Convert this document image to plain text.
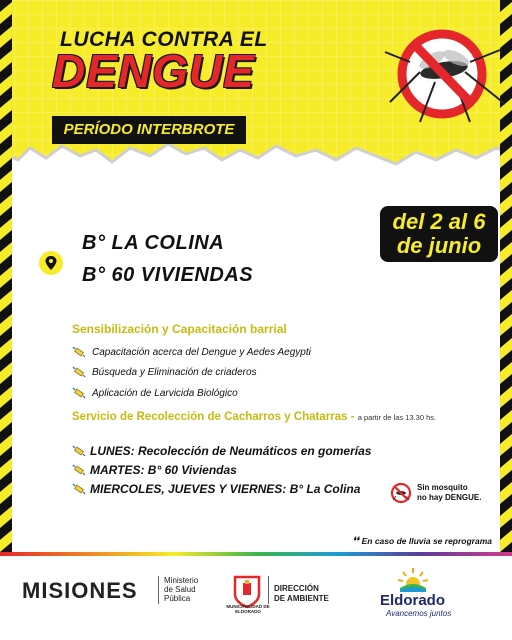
LUCHA CONTRA EL
DENGUE
PERÍODO INTERBROTE
del 2 al 6
de junio
B° LA COLINA
B° 60 VIVIENDAS
Sensibilización y Capacitación barrial
Capacitación acerca del Dengue y Aedes Aegypti
Búsqueda y Eliminación de criaderos
Aplicación de Larvicida Biológico
Servicio de Recolección de Cacharros y Chatarras - a partir de las 13.30 hs.
LUNES: Recolección de Neumáticos en gomerías
MARTES: B° 60 Viviendas
MIERCOLES, JUEVES Y VIERNES: B° La Colina	Sin mosquito
no hay DENGUE.
❛❛ En caso de lluvia se reprograma
MISIONES	Ministerio
de Salud
Pública
MUNICIPALIDAD DE ELDORADO
DIRECCIÓN
DE AMBIENTE	Eldorado
Avancemos juntos
